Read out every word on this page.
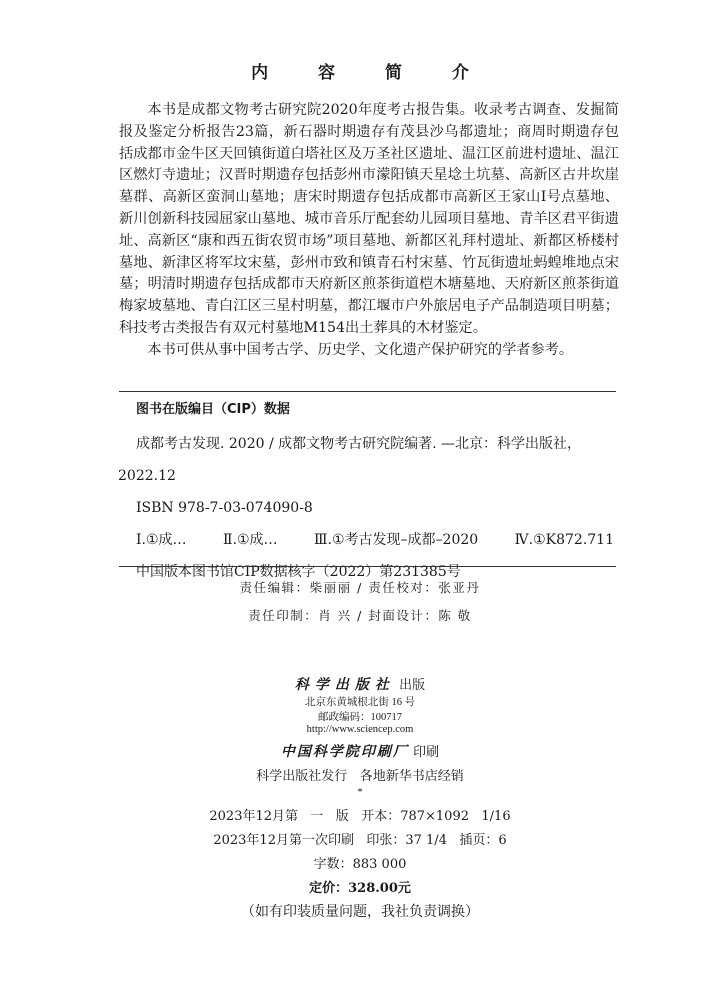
内 容 简 介

本书是成都文物考古研究院2020年度考古报告集。收录考古调查、发掘简报及鉴定分析报告23篇，新石器时期遗存有茂县沙乌都遗址；商周时期遗存包括成都市金牛区天回镇街道白塔社区及万圣社区遗址、温江区前进村遗址、温江区燃灯寺遗址；汉晋时期遗存包括彭州市濛阳镇天星埝土坑墓、高新区古井坎崖墓群、高新区蛮洞山墓地；唐宋时期遗存包括成都市高新区王家山Ⅰ号点墓地、新川创新科技园屈家山墓地、城市音乐厅配套幼儿园项目墓地、青羊区君平街遗址、高新区“康和西五街农贸市场”项目墓地、新都区礼拜村遗址、新都区桥楼村墓地、新津区将军坟宋墓，彭州市致和镇青石村宋墓、竹瓦街遗址蚂蝗堆地点宋墓；明清时期遗存包括成都市天府新区煎茶街道桤木塘墓地、天府新区煎茶街道梅家坡墓地、青白江区三星村明墓，都江堰市户外旅居电子产品制造项目明墓；科技考古类报告有双元村墓地M154出土葬具的木材鉴定。

本书可供从事中国考古学、历史学、文化遗产保护研究的学者参考。

图书在版编目（CIP）数据
成都考古发现. 2020 / 成都文物考古研究院编著. —北京：科学出版社，
2022.12
ISBN 978-7-03-074090-8
Ⅰ.①成…	Ⅱ.①成…	Ⅲ.①考古发现–成都–2020	Ⅳ.①K872.711
中国版本图书馆CIP数据核字（2022）第231385号
责任编辑：柴丽丽 / 责任校对：张亚丹
责任印制：肖 兴 / 封面设计：陈 敬
科学出版社 出版
北京东黄城根北街 16 号
邮政编码：100717
http://www.sciencep.com
中国科学院印刷厂 印刷
科学出版社发行   各地新华书店经销
*
2023年12月第   一   版   开本：787×1092   1/16
2023年12月第一次印刷   印张：37 1/4   插页：6
字数：883 000
定价：328.00元
（如有印装质量问题，我社负责调换）
